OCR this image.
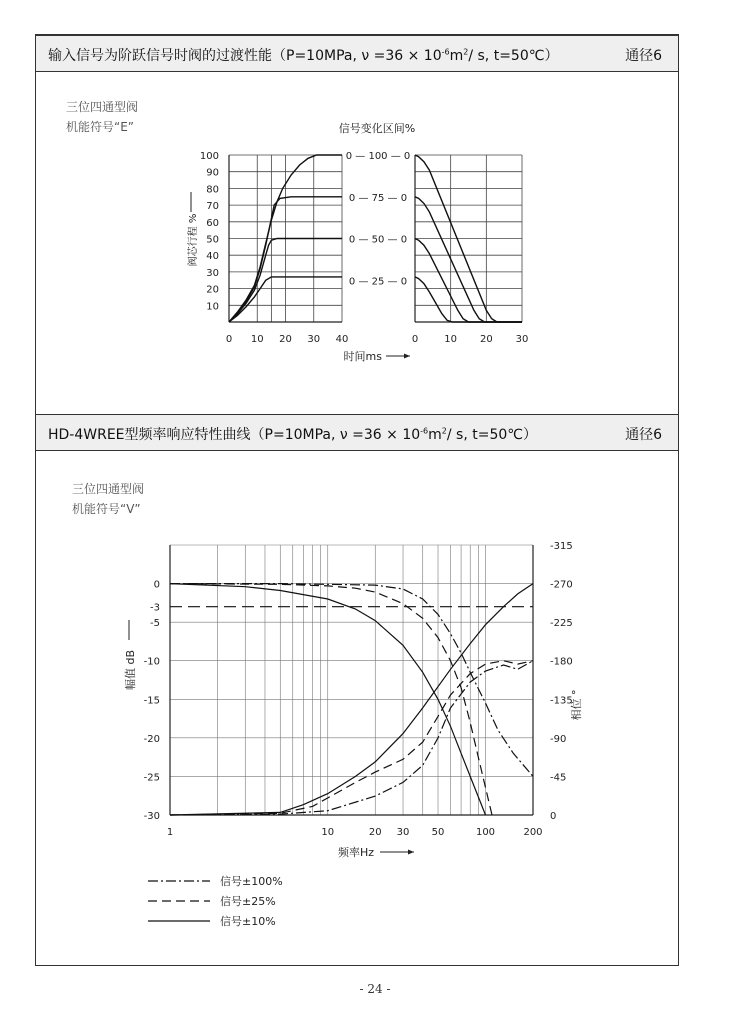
输入信号为阶跃信号时阀的过渡性能（P=10MPa, $\nu =36 \times 10^{-6}m^2/$ s, t=50℃）	通径6
三位四通型阀
机能符号“E”
HD-4WREE型频率响应特性曲线（P=10MPa, $\nu =36 \times 10^{-6}m^2/$ s, t=50℃）	通径6
三位四通型阀
机能符号“V”
10
20
30
40
50
60
70
80
90
100
0 10 20 30 40	0	10 20 30
信号变化区间%
时间ms
阀芯行程 %
0 — 100 — 0
0 — 75 — 0
0 — 50 — 0
0 — 25 — 0
0
-3
-5
-10
-15
-20
-25
-30
-315
-270
-225
-180
-135
-90
-45
0
1	10	20 30 50	100	200
频率Hz
幅值 dB
相位 °
信号±100%
信号±25%
信号±10%
- 24 -
